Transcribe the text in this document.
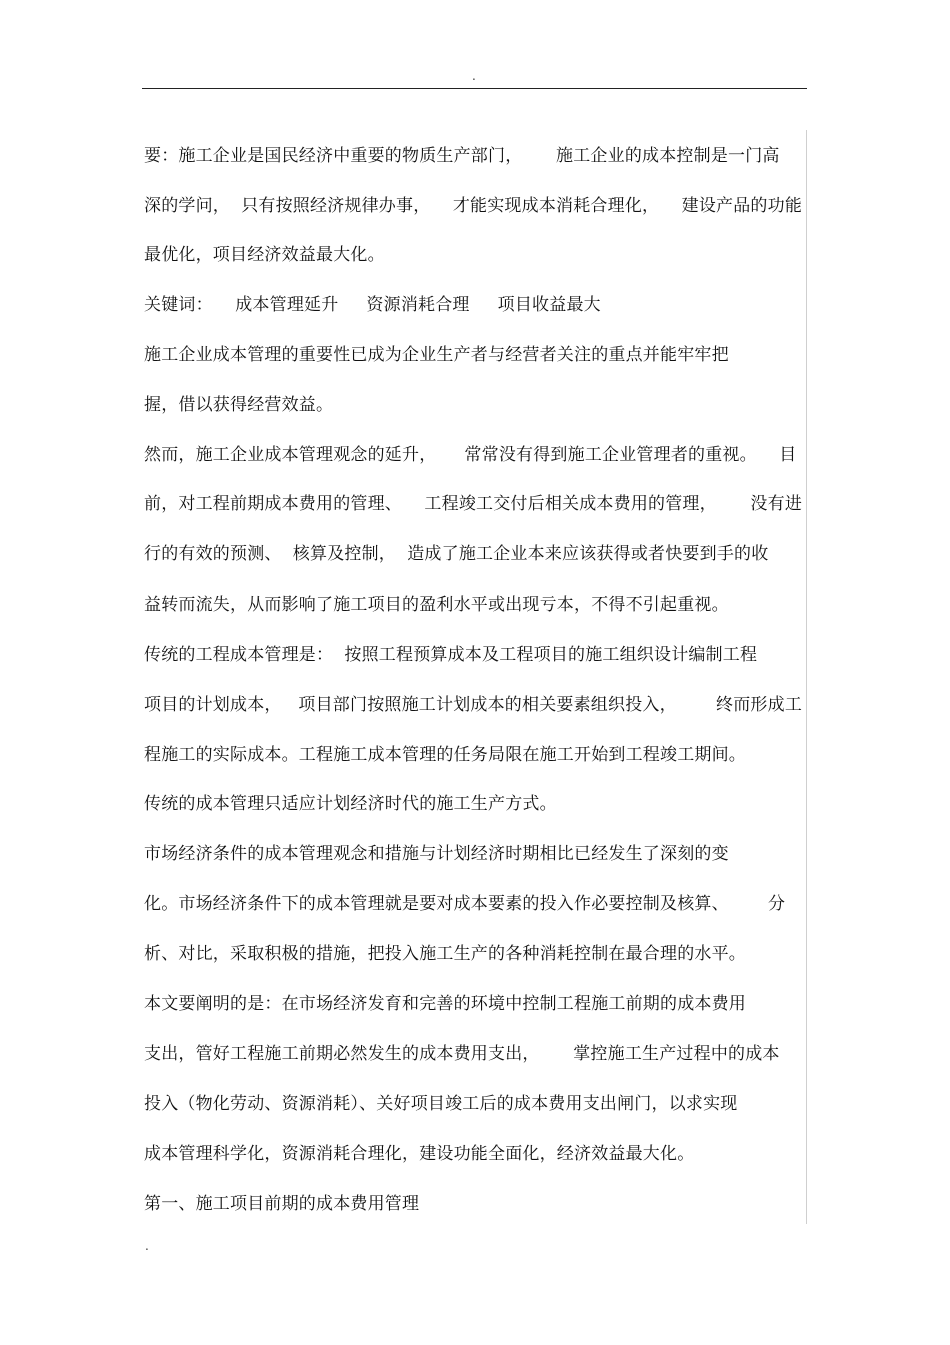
.
要：施工企业是国民经济中重要的物质生产部门，      施工企业的成本控制是一门高
深的学问，  只有按照经济规律办事，    才能实现成本消耗合理化，    建设产品的功能
最优化，项目经济效益最大化。
关键词：    成本管理延升     资源消耗合理     项目收益最大
施工企业成本管理的重要性已成为企业生产者与经营者关注的重点并能牢牢把
握，借以获得经营效益。
然而，施工企业成本管理观念的延升，     常常没有得到施工企业管理者的重视。    目
前，对工程前期成本费用的管理、    工程竣工交付后相关成本费用的管理，      没有进
行的有效的预测、  核算及控制，  造成了施工企业本来应该获得或者快要到手的收
益转而流失，从而影响了施工项目的盈利水平或出现亏本，不得不引起重视。
传统的工程成本管理是：  按照工程预算成本及工程项目的施工组织设计编制工程
项目的计划成本，   项目部门按照施工计划成本的相关要素组织投入，       终而形成工
程施工的实际成本。工程施工成本管理的任务局限在施工开始到工程竣工期间。
传统的成本管理只适应计划经济时代的施工生产方式。
市场经济条件的成本管理观念和措施与计划经济时期相比已经发生了深刻的变
化。市场经济条件下的成本管理就是要对成本要素的投入作必要控制及核算、       分
析、对比，采取积极的措施，把投入施工生产的各种消耗控制在最合理的水平。
本文要阐明的是：在市场经济发育和完善的环境中控制工程施工前期的成本费用
支出，管好工程施工前期必然发生的成本费用支出，      掌控施工生产过程中的成本
投入（物化劳动、资源消耗）、关好项目竣工后的成本费用支出闸门，以求实现
成本管理科学化，资源消耗合理化，建设功能全面化，经济效益最大化。
第一、施工项目前期的成本费用管理
.
